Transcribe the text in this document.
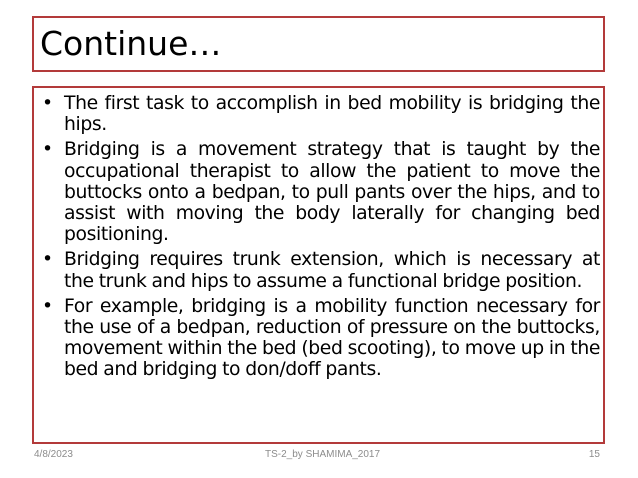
Continue…
• The first task to accomplish in bed mobility is bridging the hips.
• Bridging is a movement strategy that is taught by the occupational therapist to allow the patient to move the buttocks onto a bedpan, to pull pants over the hips, and to assist with moving the body laterally for changing bed positioning.
• Bridging requires trunk extension, which is necessary at the trunk and hips to assume a functional bridge position.
• For example, bridging is a mobility function necessary for the use of a bedpan, reduction of pressure on the buttocks, movement within the bed (bed scooting), to move up in the bed and bridging to don/doff pants.
4/8/2023	TS-2_by SHAMIMA_2017	15
